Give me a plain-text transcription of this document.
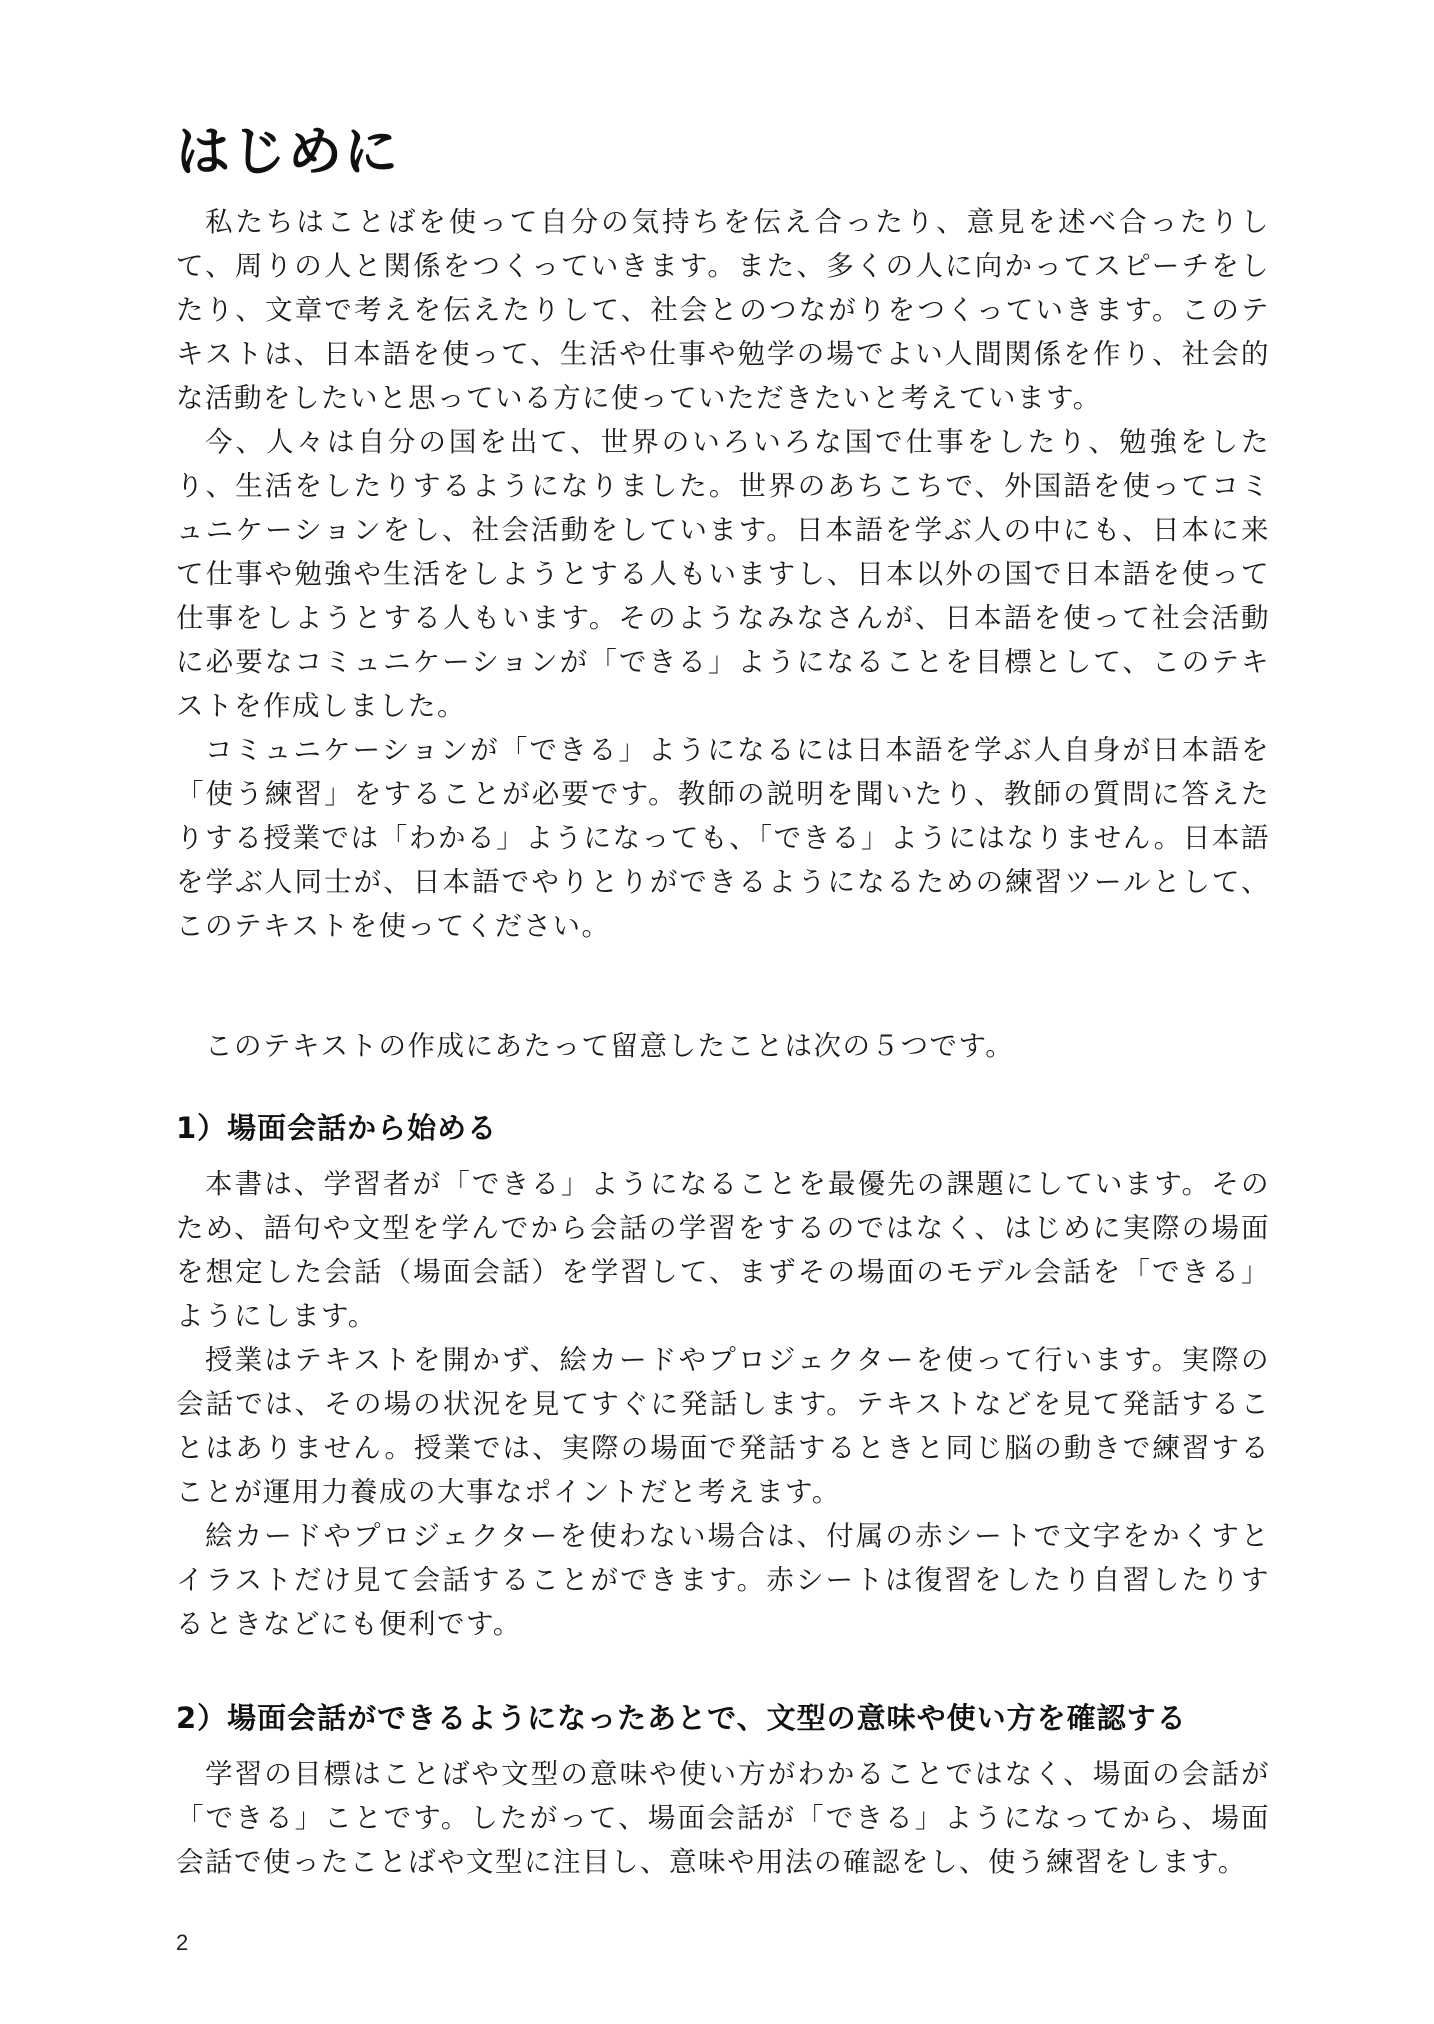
はじめに

私たちはことばを使って自分の気持ちを伝え合ったり、意見を述べ合ったりして、周りの人と関係をつくっていきます。また、多くの人に向かってスピーチをしたり、文章で考えを伝えたりして、社会とのつながりをつくっていきます。このテキストは、日本語を使って、生活や仕事や勉学の場でよい人間関係を作り、社会的な活動をしたいと思っている方に使っていただきたいと考えています。

今、人々は自分の国を出て、世界のいろいろな国で仕事をしたり、勉強をしたり、生活をしたりするようになりました。世界のあちこちで、外国語を使ってコミュニケーションをし、社会活動をしています。日本語を学ぶ人の中にも、日本に来て仕事や勉強や生活をしようとする人もいますし、日本以外の国で日本語を使って仕事をしようとする人もいます。そのようなみなさんが、日本語を使って社会活動に必要なコミュニケーションが「できる」ようになることを目標として、このテキストを作成しました。

コミュニケーションが「できる」ようになるには日本語を学ぶ人自身が日本語を「使う練習」をすることが必要です。教師の説明を聞いたり、教師の質問に答えたりする授業では「わかる」ようになっても、「できる」ようにはなりません。日本語を学ぶ人同士が、日本語でやりとりができるようになるための練習ツールとして、このテキストを使ってください。

このテキストの作成にあたって留意したことは次の５つです。

1）場面会話から始める

本書は、学習者が「できる」ようになることを最優先の課題にしています。そのため、語句や文型を学んでから会話の学習をするのではなく、はじめに実際の場面を想定した会話（場面会話）を学習して、まずその場面のモデル会話を「できる」ようにします。

授業はテキストを開かず、絵カードやプロジェクターを使って行います。実際の会話では、その場の状況を見てすぐに発話します。テキストなどを見て発話することはありません。授業では、実際の場面で発話するときと同じ脳の動きで練習することが運用力養成の大事なポイントだと考えます。

絵カードやプロジェクターを使わない場合は、付属の赤シートで文字をかくすとイラストだけ見て会話することができます。赤シートは復習をしたり自習したりするときなどにも便利です。

2）場面会話ができるようになったあとで、文型の意味や使い方を確認する

学習の目標はことばや文型の意味や使い方がわかることではなく、場面の会話が「できる」ことです。したがって、場面会話が「できる」ようになってから、場面会話で使ったことばや文型に注目し、意味や用法の確認をし、使う練習をします。

2
